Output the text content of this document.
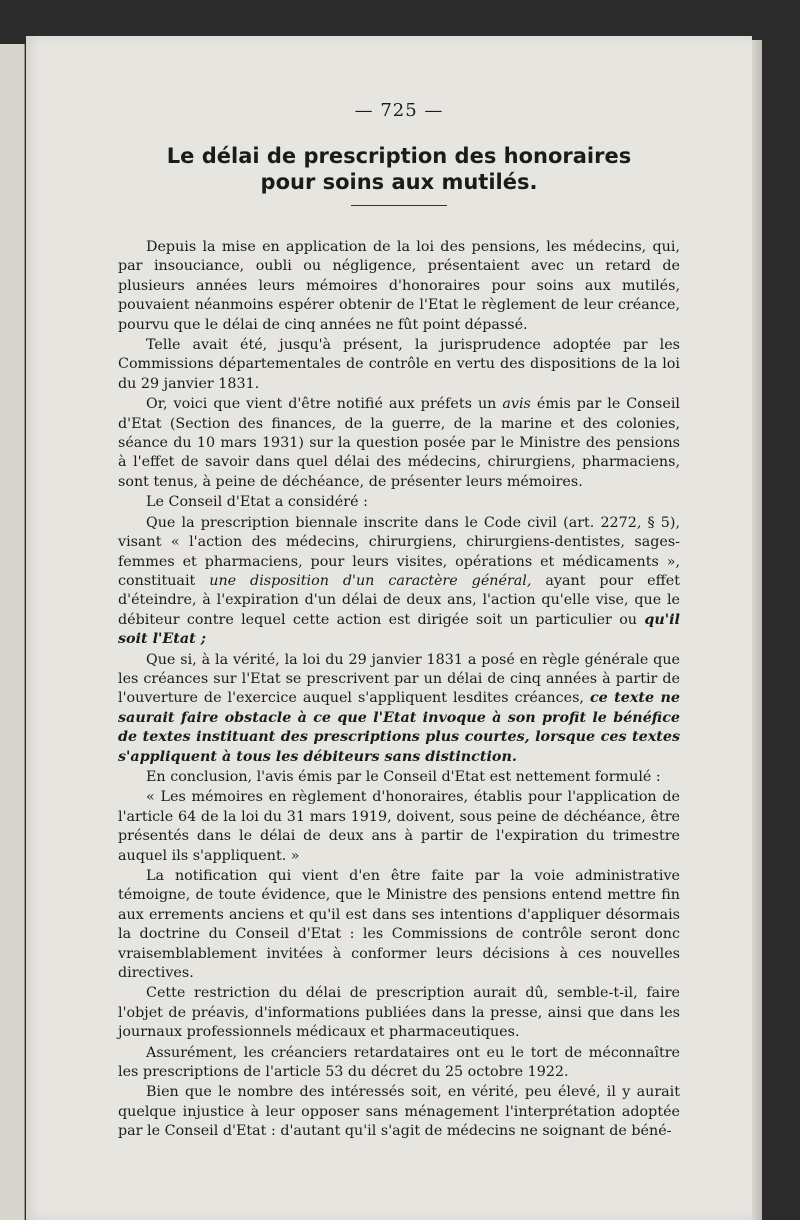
— 725 —
Le délai de prescription des honoraires
pour soins aux mutilés.

Depuis la mise en application de la loi des pensions, les médecins, qui, par insouciance, oubli ou négligence, présentaient avec un retard de plusieurs années leurs mémoires d'honoraires pour soins aux mutilés, pouvaient néanmoins espérer obtenir de l'Etat le règlement de leur créance, pourvu que le délai de cinq années ne fût point dépassé.

Telle avait été, jusqu'à présent, la jurisprudence adoptée par les Commissions départementales de contrôle en vertu des dispositions de la loi du 29 janvier 1831.

Or, voici que vient d'être notifié aux préfets un avis émis par le Conseil d'Etat (Section des finances, de la guerre, de la marine et des colonies, séance du 10 mars 1931) sur la question posée par le Ministre des pensions à l'effet de savoir dans quel délai des médecins, chirurgiens, pharmaciens, sont tenus, à peine de déchéance, de présenter leurs mémoires.

Le Conseil d'Etat a considéré :

Que la prescription biennale inscrite dans le Code civil (art. 2272, § 5), visant « l'action des médecins, chirurgiens, chirurgiens-dentistes, sages-femmes et pharmaciens, pour leurs visites, opérations et médicaments », constituait une disposition d'un caractère général, ayant pour effet d'éteindre, à l'expiration d'un délai de deux ans, l'action qu'elle vise, que le débiteur contre lequel cette action est dirigée soit un particulier ou qu'il soit l'Etat ;

Que si, à la vérité, la loi du 29 janvier 1831 a posé en règle générale que les créances sur l'Etat se prescrivent par un délai de cinq années à partir de l'ouverture de l'exercice auquel s'appliquent lesdites créances, ce texte ne saurait faire obstacle à ce que l'Etat invoque à son profit le bénéfice de textes instituant des prescriptions plus courtes, lorsque ces textes s'appliquent à tous les débiteurs sans distinction.

En conclusion, l'avis émis par le Conseil d'Etat est nettement formulé :

« Les mémoires en règlement d'honoraires, établis pour l'application de l'article 64 de la loi du 31 mars 1919, doivent, sous peine de déchéance, être présentés dans le délai de deux ans à partir de l'expiration du trimestre auquel ils s'appliquent. »

La notification qui vient d'en être faite par la voie administrative témoigne, de toute évidence, que le Ministre des pensions entend mettre fin aux errements anciens et qu'il est dans ses intentions d'appliquer désormais la doctrine du Conseil d'Etat : les Commissions de contrôle seront donc vraisemblablement invitées à conformer leurs décisions à ces nouvelles directives.

Cette restriction du délai de prescription aurait dû, semble-t-il, faire l'objet de préavis, d'informations publiées dans la presse, ainsi que dans les journaux professionnels médicaux et pharmaceutiques.

Assurément, les créanciers retardataires ont eu le tort de méconnaître les prescriptions de l'article 53 du décret du 25 octobre 1922.

Bien que le nombre des intéressés soit, en vérité, peu élevé, il y aurait quelque injustice à leur opposer sans ménagement l'interprétation adoptée par le Conseil d'Etat : d'autant qu'il s'agit de médecins ne soignant de béné-
